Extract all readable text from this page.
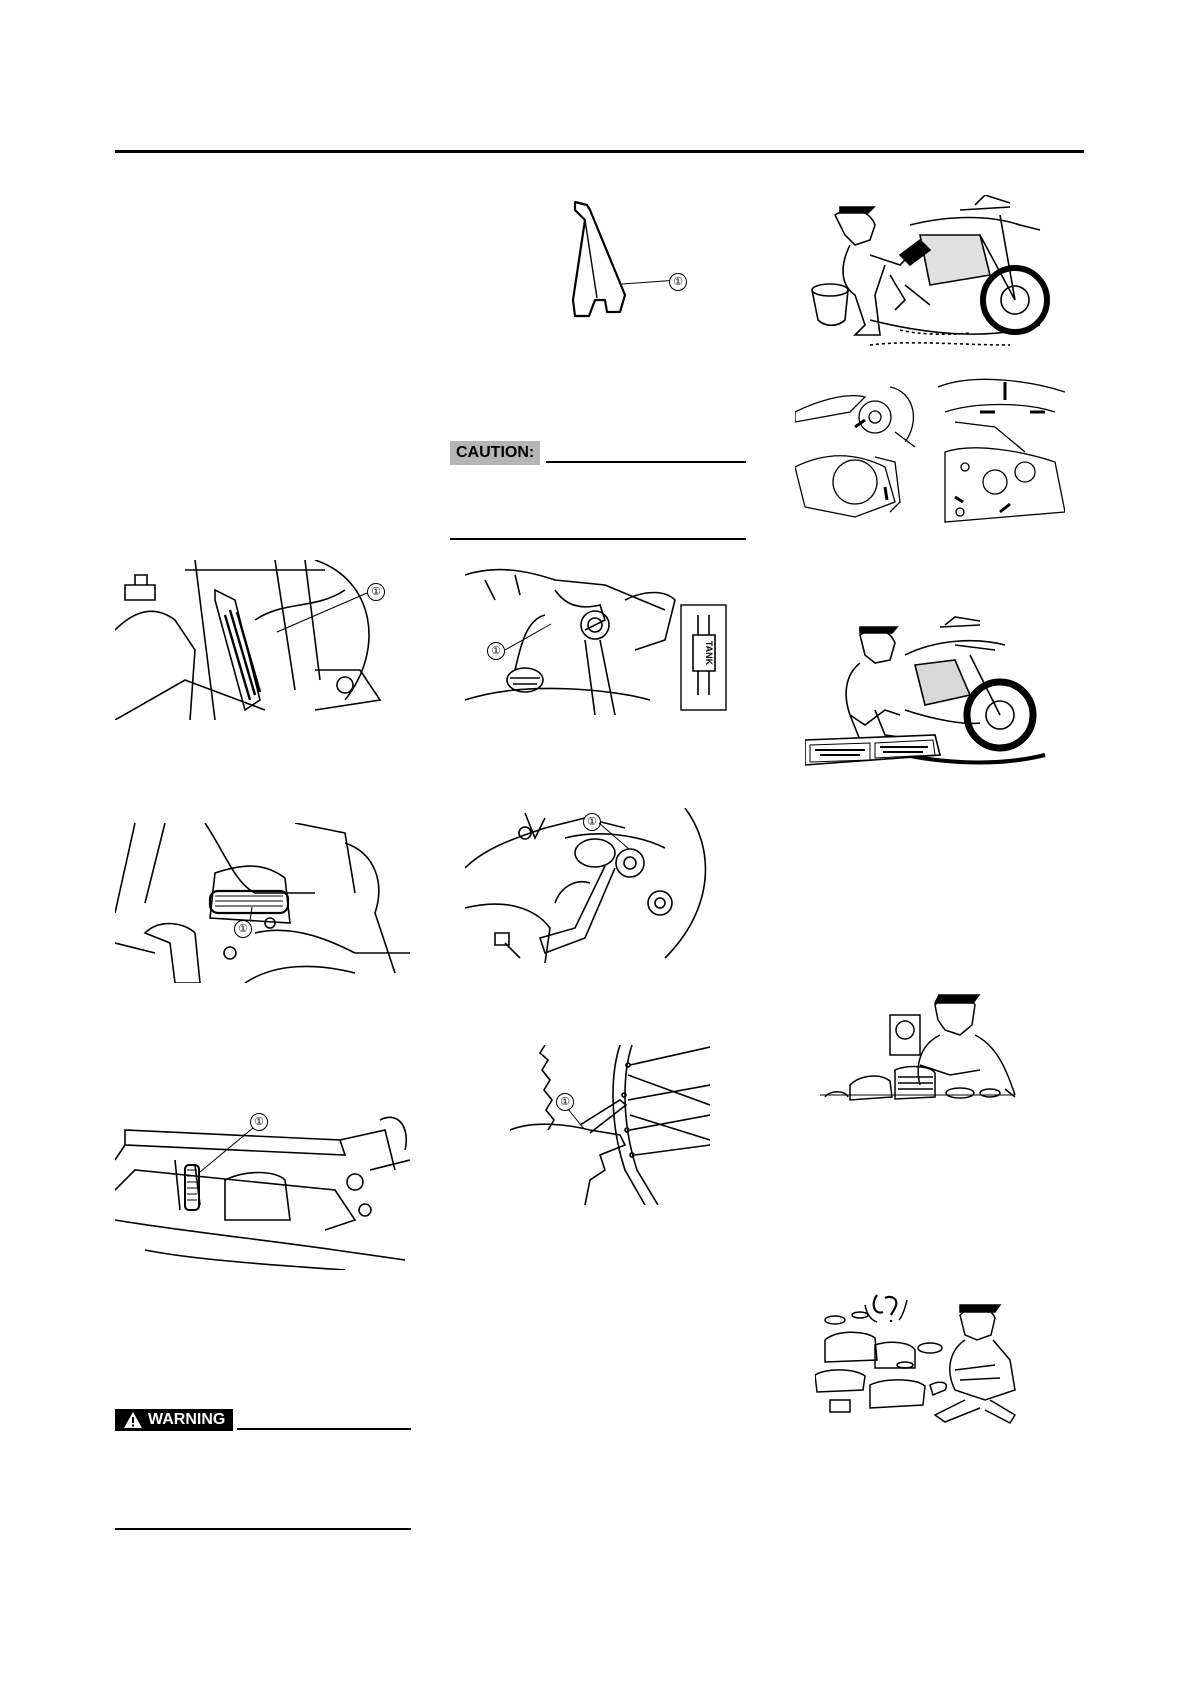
①
①
①
WARNING
①
CAUTION:
TANK
①
①
①
